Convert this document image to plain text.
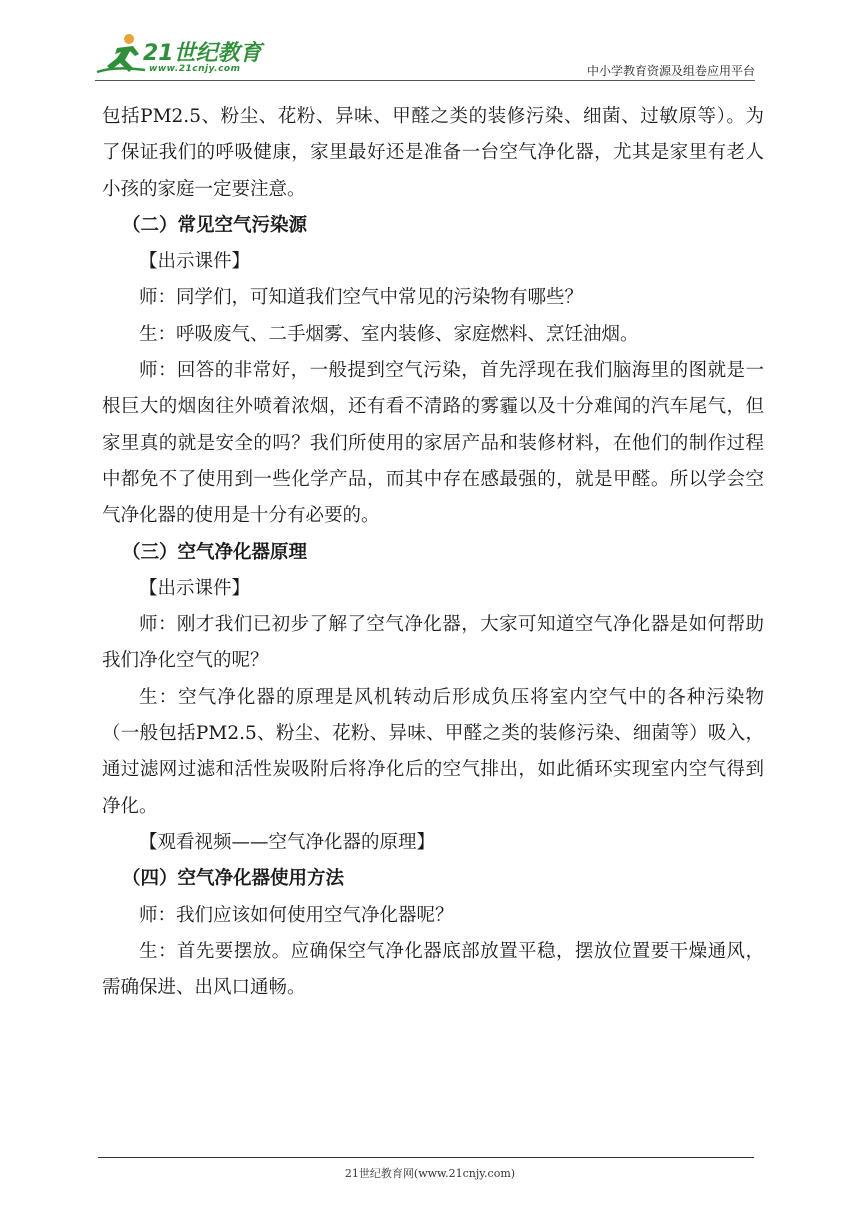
21世纪教育
www.21cnjy.com	中小学教育资源及组卷应用平台

包括PM2.5、粉尘、花粉、异味、甲醛之类的装修污染、细菌、过敏原等）。为了保证我们的呼吸健康，家里最好还是准备一台空气净化器，尤其是家里有老人小孩的家庭一定要注意。

（二）常见空气污染源

【出示课件】

师：同学们，可知道我们空气中常见的污染物有哪些？

生：呼吸废气、二手烟雾、室内装修、家庭燃料、烹饪油烟。

师：回答的非常好，一般提到空气污染，首先浮现在我们脑海里的图就是一根巨大的烟囱往外喷着浓烟，还有看不清路的雾霾以及十分难闻的汽车尾气，但家里真的就是安全的吗？我们所使用的家居产品和装修材料，在他们的制作过程中都免不了使用到一些化学产品，而其中存在感最强的，就是甲醛。所以学会空气净化器的使用是十分有必要的。

（三）空气净化器原理

【出示课件】

师：刚才我们已初步了解了空气净化器，大家可知道空气净化器是如何帮助我们净化空气的呢？

生：空气净化器的原理是风机转动后形成负压将室内空气中的各种污染物（一般包括PM2.5、粉尘、花粉、异味、甲醛之类的装修污染、细菌等）吸入，通过滤网过滤和活性炭吸附后将净化后的空气排出，如此循环实现室内空气得到净化。

【观看视频——空气净化器的原理】

（四）空气净化器使用方法

师：我们应该如何使用空气净化器呢？

生：首先要摆放。应确保空气净化器底部放置平稳，摆放位置要干燥通风，需确保进、出风口通畅。

21世纪教育网(www.21cnjy.com)
